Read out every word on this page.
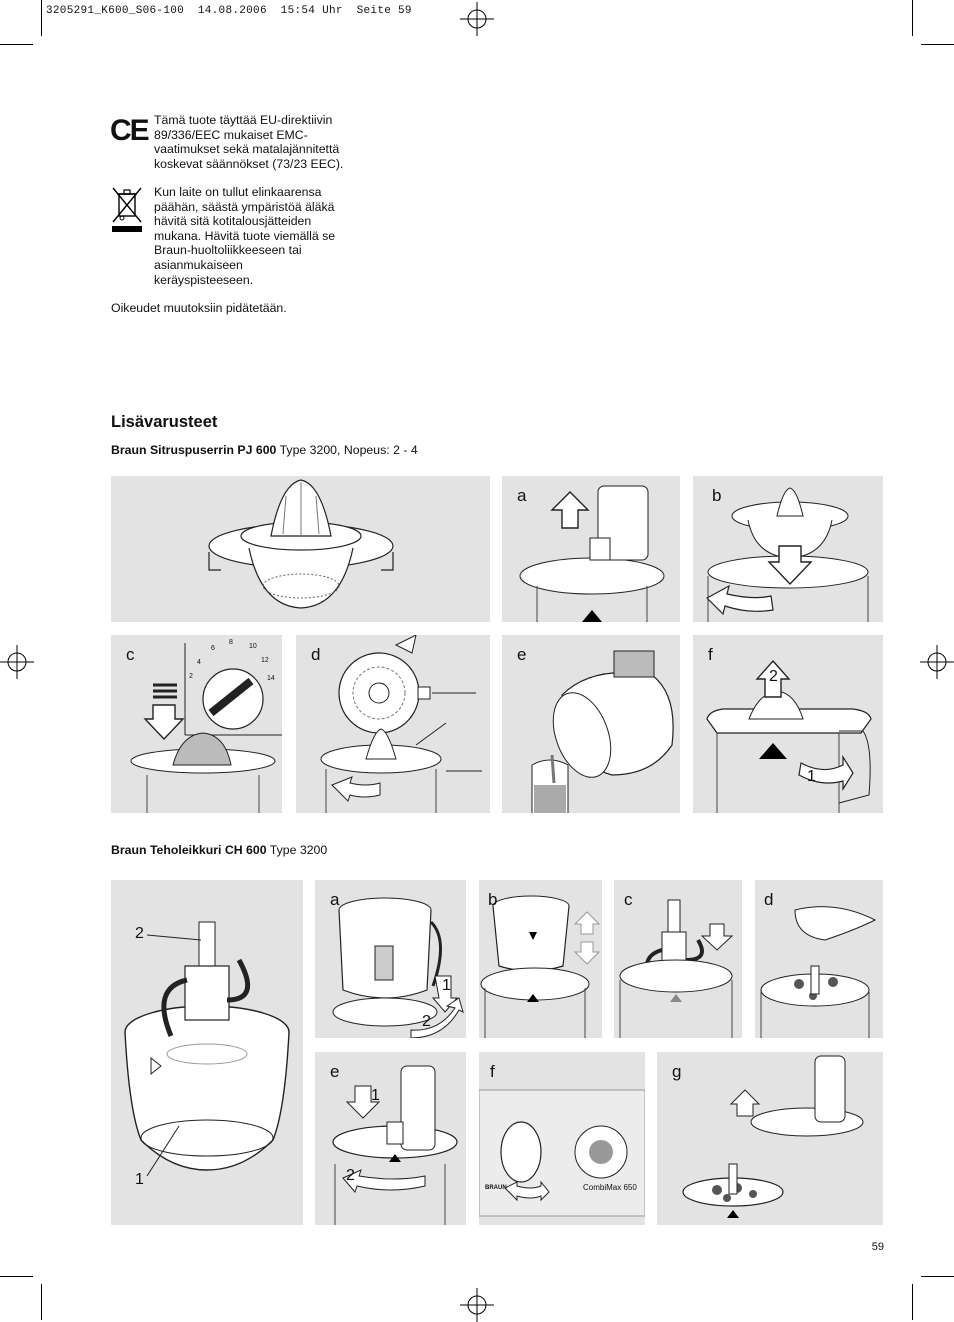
3205291_K600_S06-100 14.08.2006 15:54 Uhr Seite 59
CE Tämä tuote täyttää EU-direktiivin
89/336/EEC mukaiset EMC-
vaatimukset sekä matalajännitettä
koskevat säännökset (73/23 EEC).
Kun laite on tullut elinkaarensa
päähän, säästä ympäristöä äläkä
hävitä sitä kotitalousjätteiden
mukana. Hävitä tuote viemällä se
Braun-huoltoliikkeeseen tai
asianmukaiseen
keräyspisteeseen.
Oikeudet muutoksiin pidätetään.
Lisävarusteet
Braun Sitruspuserrin PJ 600 Type 3200, Nopeus: 2 - 4
a	b
c
2
4
6
8
10
12
14
d	e	f
2
1
Braun Teholeikkuri CH 600 Type 3200
2
1
a
1
2
b	c	d
e
1
2
f
BRAUN	CombiMax 650
g
59
